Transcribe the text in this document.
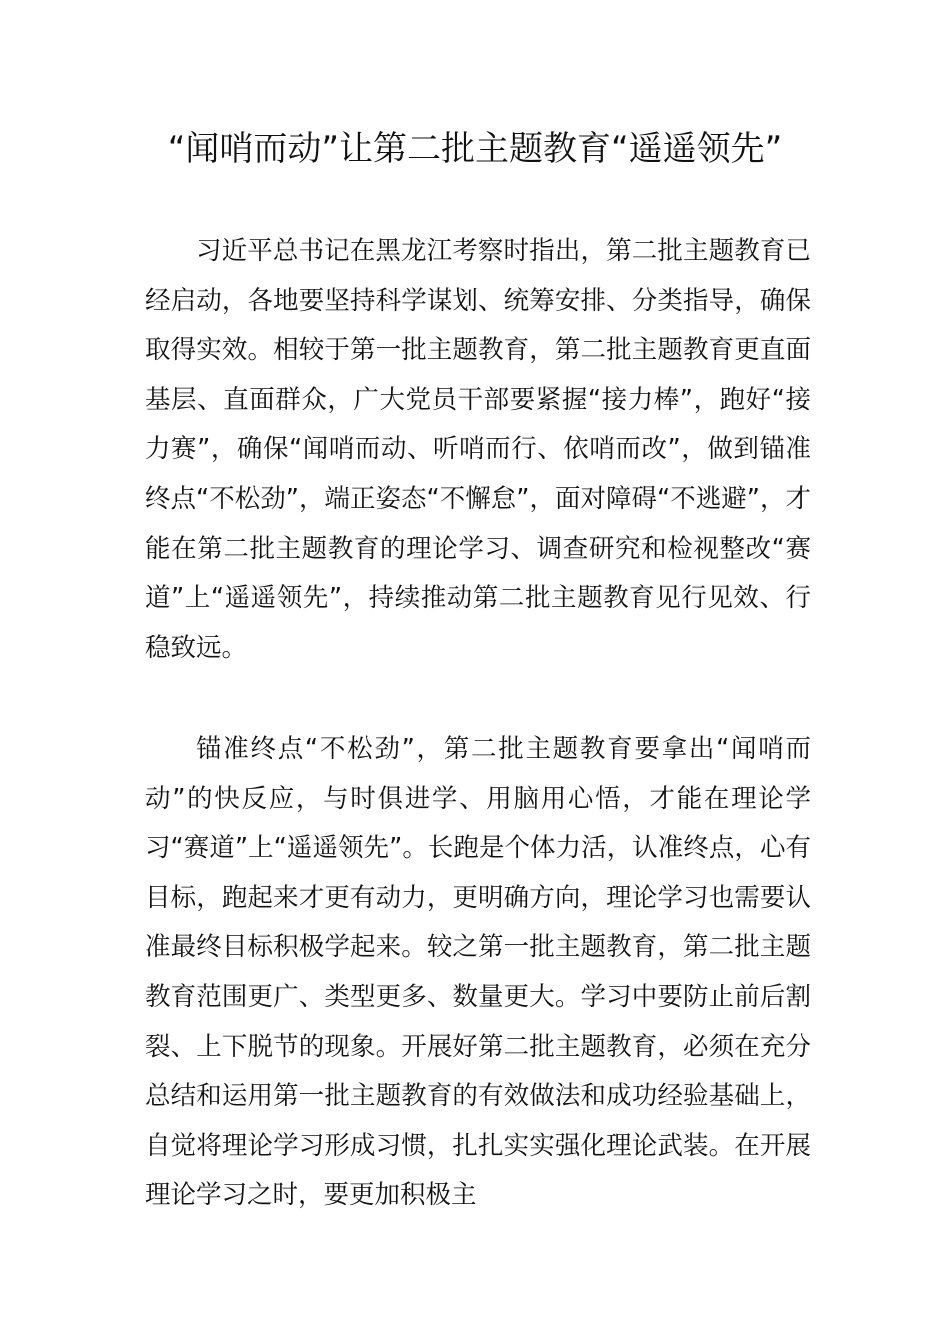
“闻哨而动”让第二批主题教育“遥遥领先”

习近平总书记在黑龙江考察时指出，第二批主题教育已经启动，各地要坚持科学谋划、统筹安排、分类指导，确保取得实效。相较于第一批主题教育，第二批主题教育更直面基层、直面群众，广大党员干部要紧握“接力棒”，跑好“接力赛”，确保“闻哨而动、听哨而行、依哨而改”，做到锚准终点“不松劲”，端正姿态“不懈怠”，面对障碍“不逃避”，才能在第二批主题教育的理论学习、调查研究和检视整改“赛道”上“遥遥领先”，持续推动第二批主题教育见行见效、行稳致远。

锚准终点“不松劲”，第二批主题教育要拿出“闻哨而动”的快反应，与时俱进学、用脑用心悟，才能在理论学习“赛道”上“遥遥领先”。长跑是个体力活，认准终点，心有目标，跑起来才更有动力，更明确方向，理论学习也需要认准最终目标积极学起来。较之第一批主题教育，第二批主题教育范围更广、类型更多、数量更大。学习中要防止前后割裂、上下脱节的现象。开展好第二批主题教育，必须在充分总结和运用第一批主题教育的有效做法和成功经验基础上，自觉将理论学习形成习惯，扎扎实实强化理论武装。在开展理论学习之时，要更加积极主
